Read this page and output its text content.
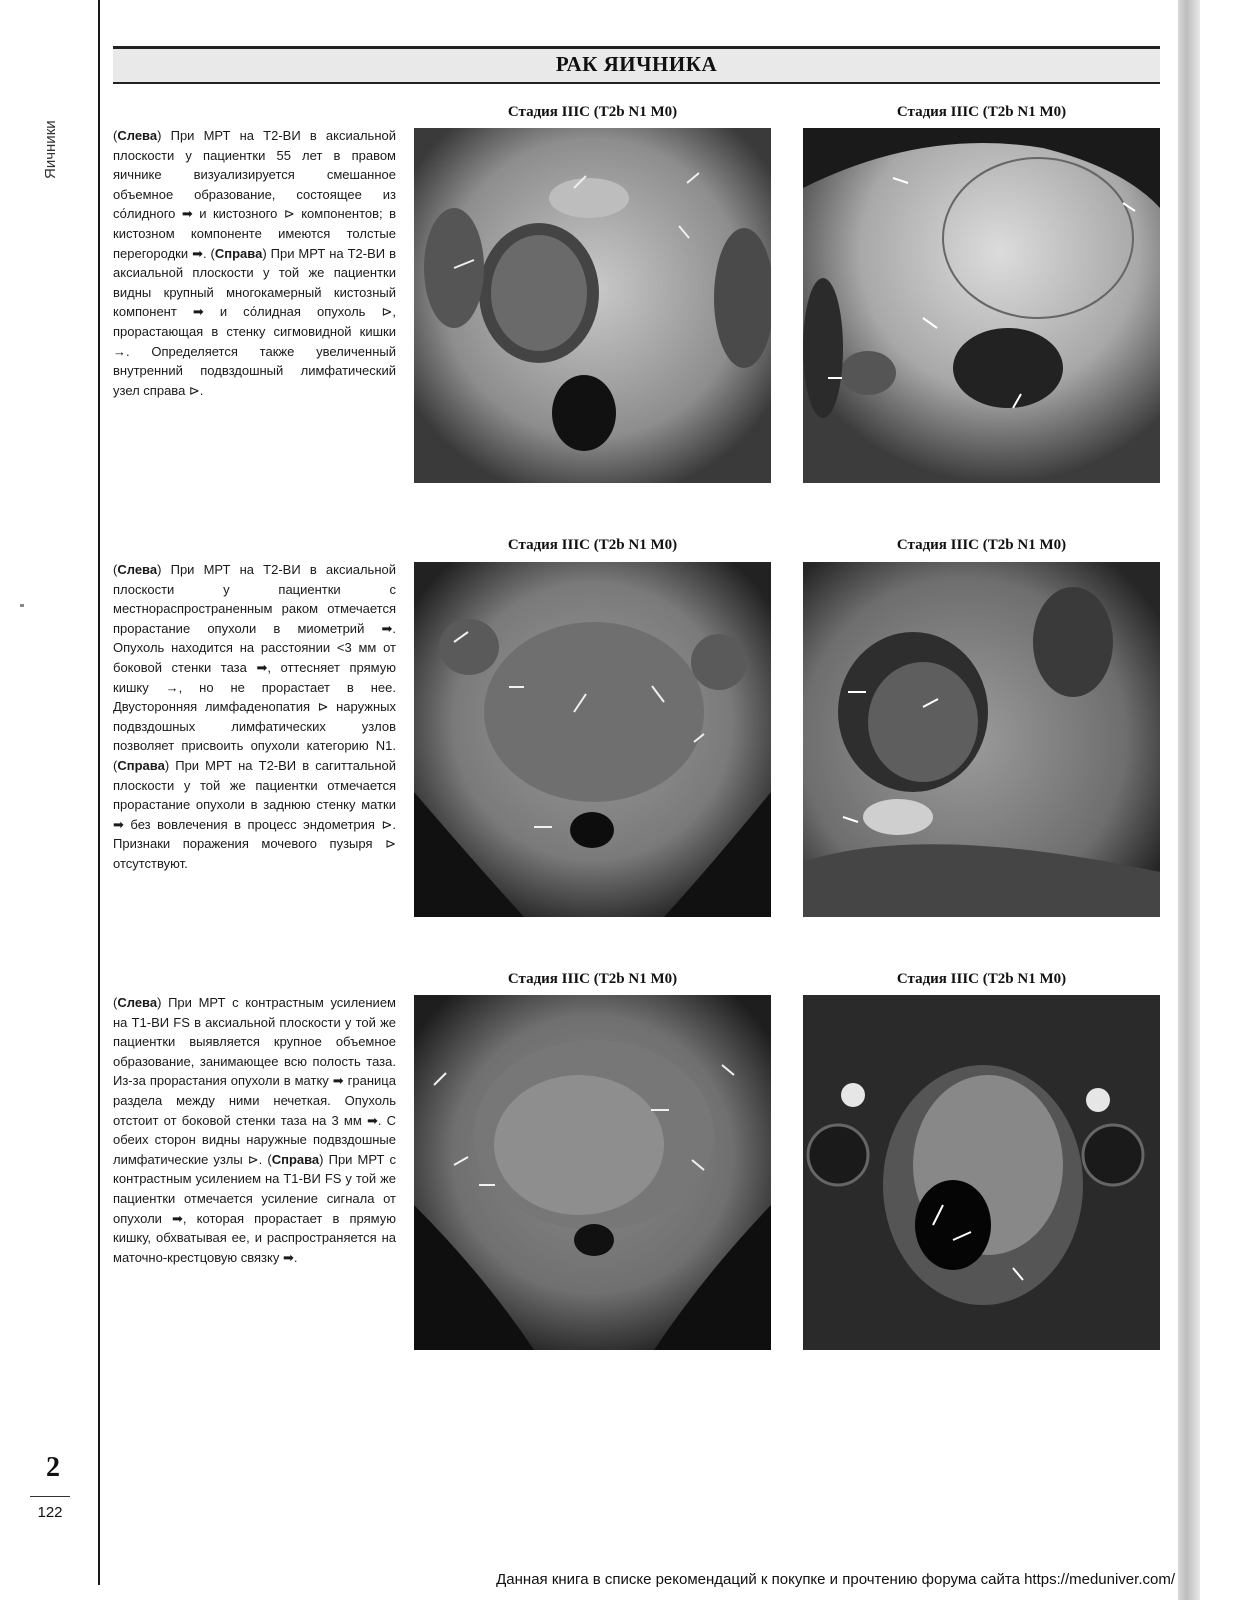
Яичники
РАК ЯИЧНИКА
(Слева) При МРТ на T2-ВИ в аксиальной плоскости у пациентки 55 лет в правом яичнике визуализируется смешанное объемное образование, состоящее из со́лидного ➡ и кистозного ⊳ компонентов; в кистозном компоненте имеются толстые перегородки ➡. (Справа) При МРТ на T2-ВИ в аксиальной плоскости у той же пациентки видны крупный многокамерный кистозный компонент ➡ и со́лидная опухоль ⊳, прорастающая в стенку сигмовидной кишки →. Определяется также увеличенный внутренний подвздошный лимфатический узел справа ⊳.
(Слева) При МРТ на T2-ВИ в аксиальной плоскости у пациентки с местнораспространенным раком отмечается прорастание опухоли в миометрий ➡. Опухоль находится на расстоянии <3 мм от боковой стенки таза ➡, оттесняет прямую кишку →, но не прорастает в нее. Двусторонняя лимфаденопатия ⊳ наружных подвздошных лимфатических узлов позволяет присвоить опухоли категорию N1. (Справа) При МРТ на T2-ВИ в сагиттальной плоскости у той же пациентки отмечается прорастание опухоли в заднюю стенку матки ➡ без вовлечения в процесс эндометрия ⊳. Признаки поражения мочевого пузыря ⊳ отсутствуют.
(Слева) При МРТ с контрастным усилением на T1-ВИ FS в аксиальной плоскости у той же пациентки выявляется крупное объемное образование, занимающее всю полость таза. Из-за прорастания опухоли в матку ➡ граница раздела между ними нечеткая. Опухоль отстоит от боковой стенки таза на 3 мм ➡. С обеих сторон видны наружные подвздошные лимфатические узлы ⊳. (Справа) При МРТ с контрастным усилением на T1-ВИ FS у той же пациентки отмечается усиление сигнала от опухоли ➡, которая прорастает в прямую кишку, обхватывая ее, и распространяется на маточно-крестцовую связку ➡.
Стадия IIIC (T2b N1 M0)	Стадия IIIC (T2b N1 M0)
Стадия IIIC (T2b N1 M0)	Стадия IIIC (T2b N1 M0)
Стадия IIIC (T2b N1 M0)	Стадия IIIC (T2b N1 M0)
2
122
Данная книга в списке рекомендаций к покупке и прочтению форума сайта https://meduniver.com/
